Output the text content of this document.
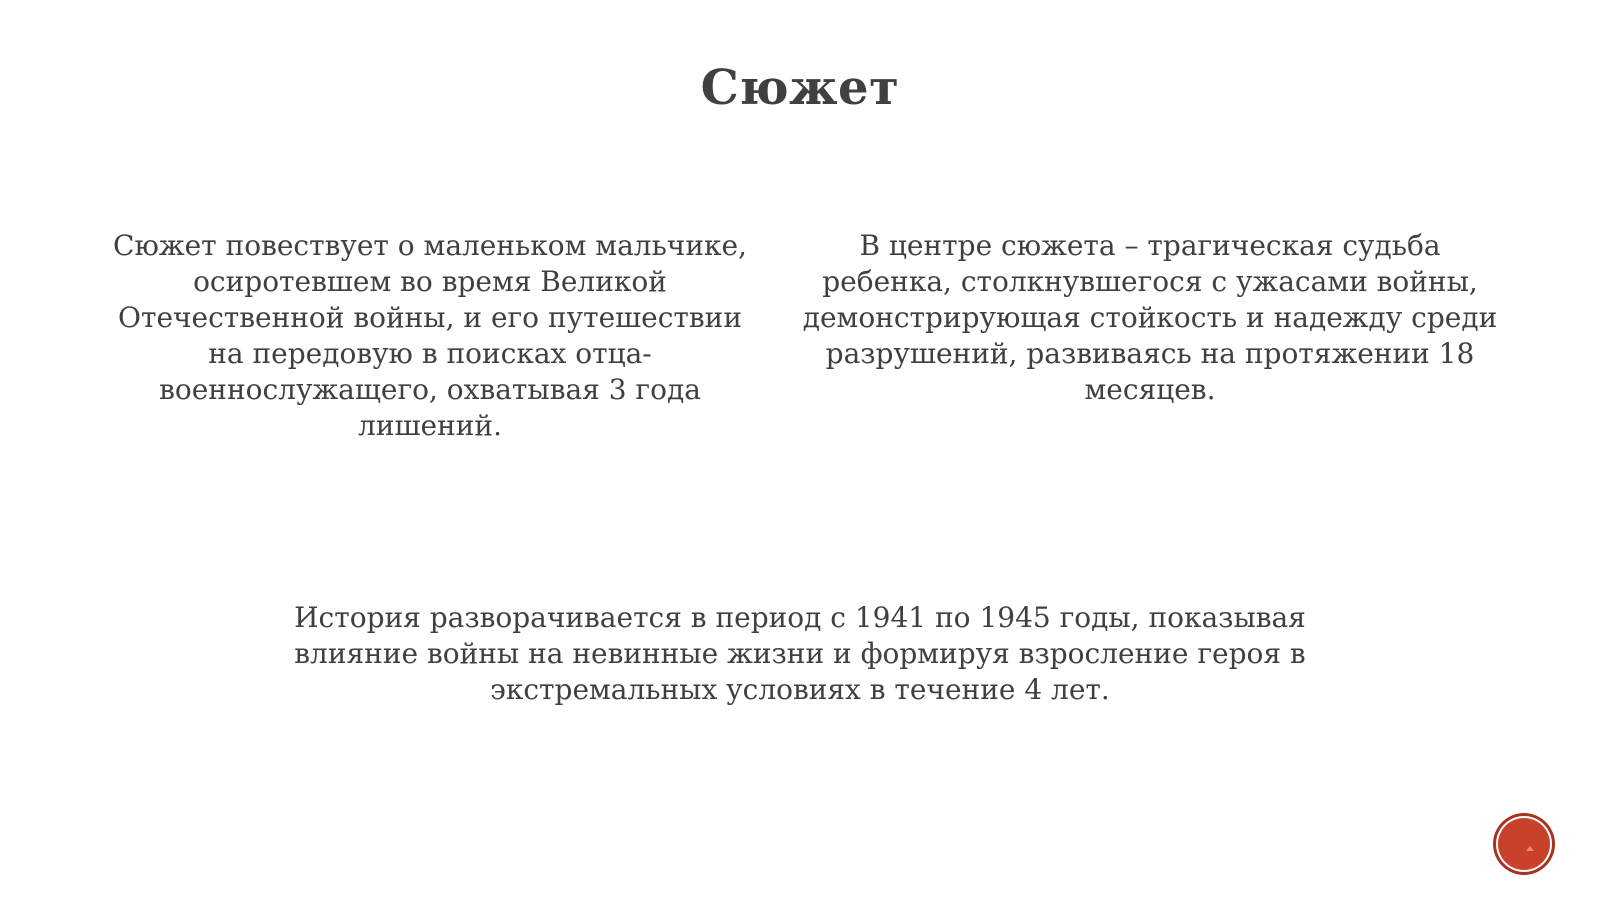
Сюжет

Сюжет повествует о маленьком мальчике, осиротевшем во время Великой Отечественной войны, и его путешествии на передовую в поисках отца-военнослужащего, охватывая 3 года лишений.

В центре сюжета – трагическая судьба ребенка, столкнувшегося с ужасами войны, демонстрирующая стойкость и надежду среди разрушений, развиваясь на протяжении 18 месяцев.

История разворачивается в период с 1941 по 1945 годы, показывая влияние войны на невинные жизни и формируя взросление героя в экстремальных условиях в течение 4 лет.
